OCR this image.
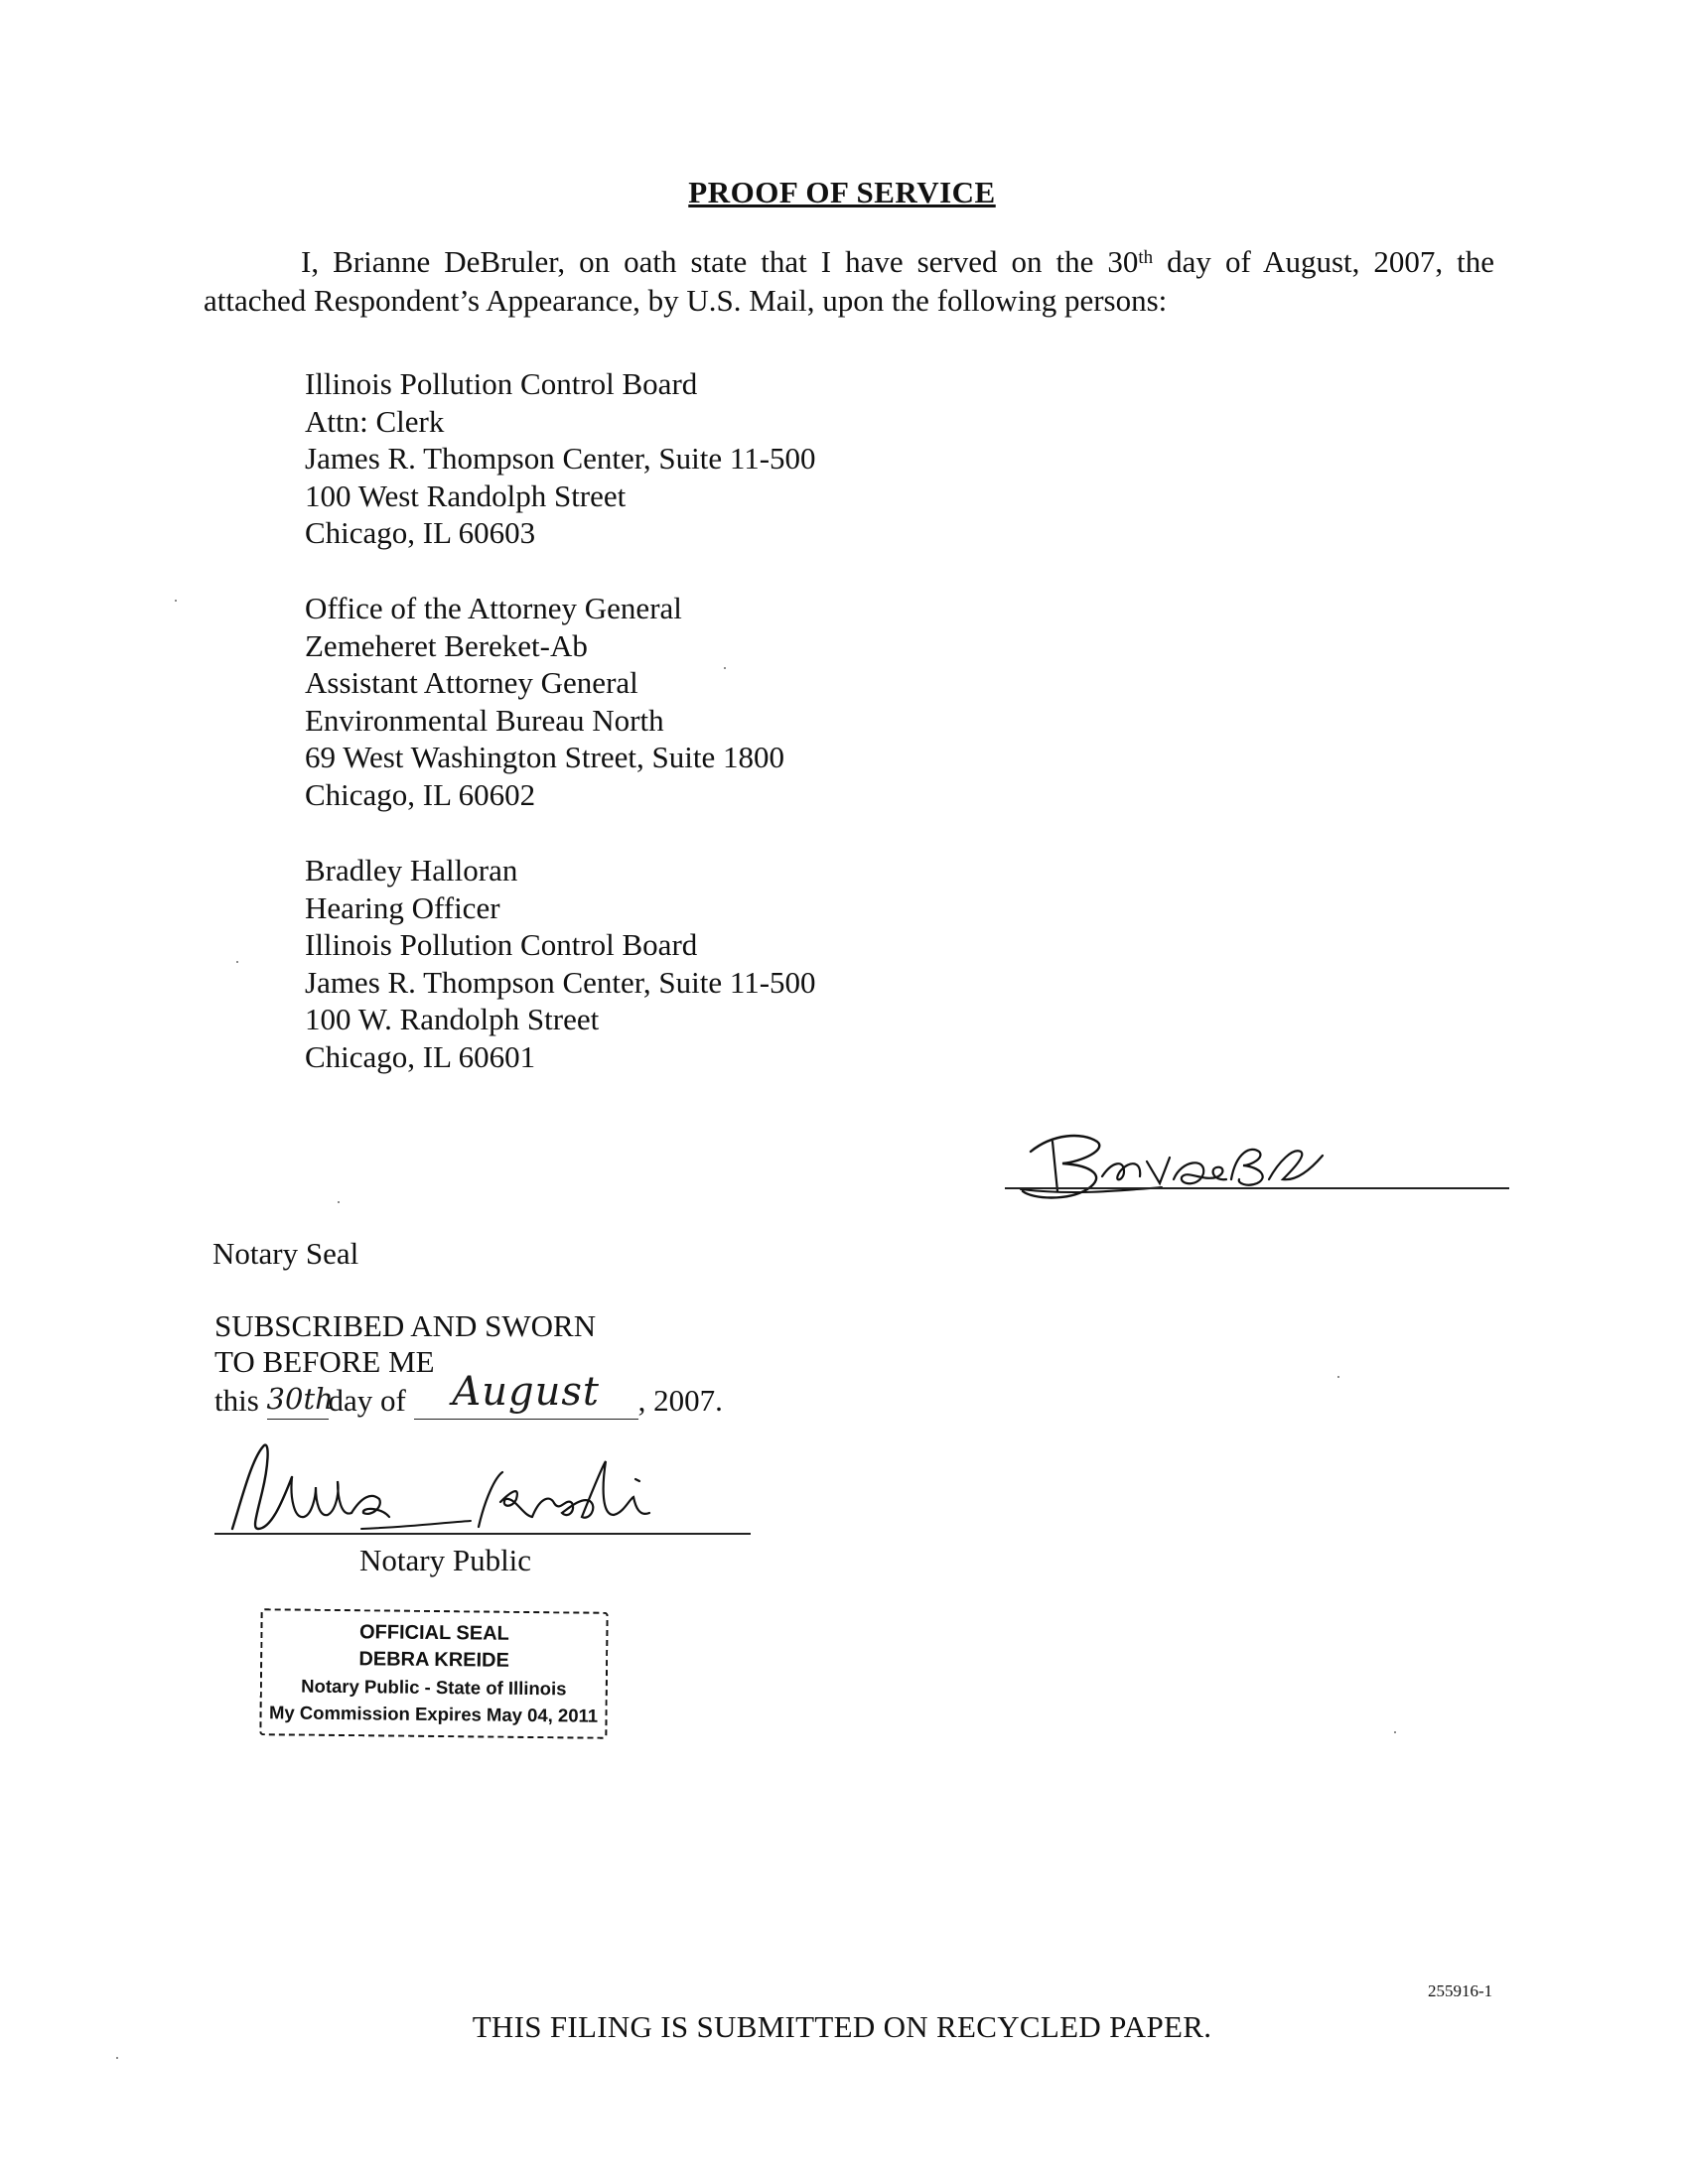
PROOF OF SERVICE
I, Brianne DeBruler, on oath state that I have served on the 30th day of August, 2007, the attached Respondent’s Appearance, by U.S. Mail, upon the following persons:
Illinois Pollution Control Board
Attn: Clerk
James R. Thompson Center, Suite 11-500
100 West Randolph Street
Chicago, IL 60603
Office of the Attorney General
Zemeheret Bereket-Ab
Assistant Attorney General
Environmental Bureau North
69 West Washington Street, Suite 1800
Chicago, IL 60602
Bradley Halloran
Hearing Officer
Illinois Pollution Control Board
James R. Thompson Center, Suite 11-500
100 W. Randolph Street
Chicago, IL 60601
Notary Seal
SUBSCRIBED AND SWORN
TO BEFORE ME
this 30thday of August , 2007.
Notary Public
OFFICIAL SEAL
DEBRA KREIDE
Notary Public - State of Illinois
My Commission Expires May 04, 2011
255916-1
THIS FILING IS SUBMITTED ON RECYCLED PAPER.
